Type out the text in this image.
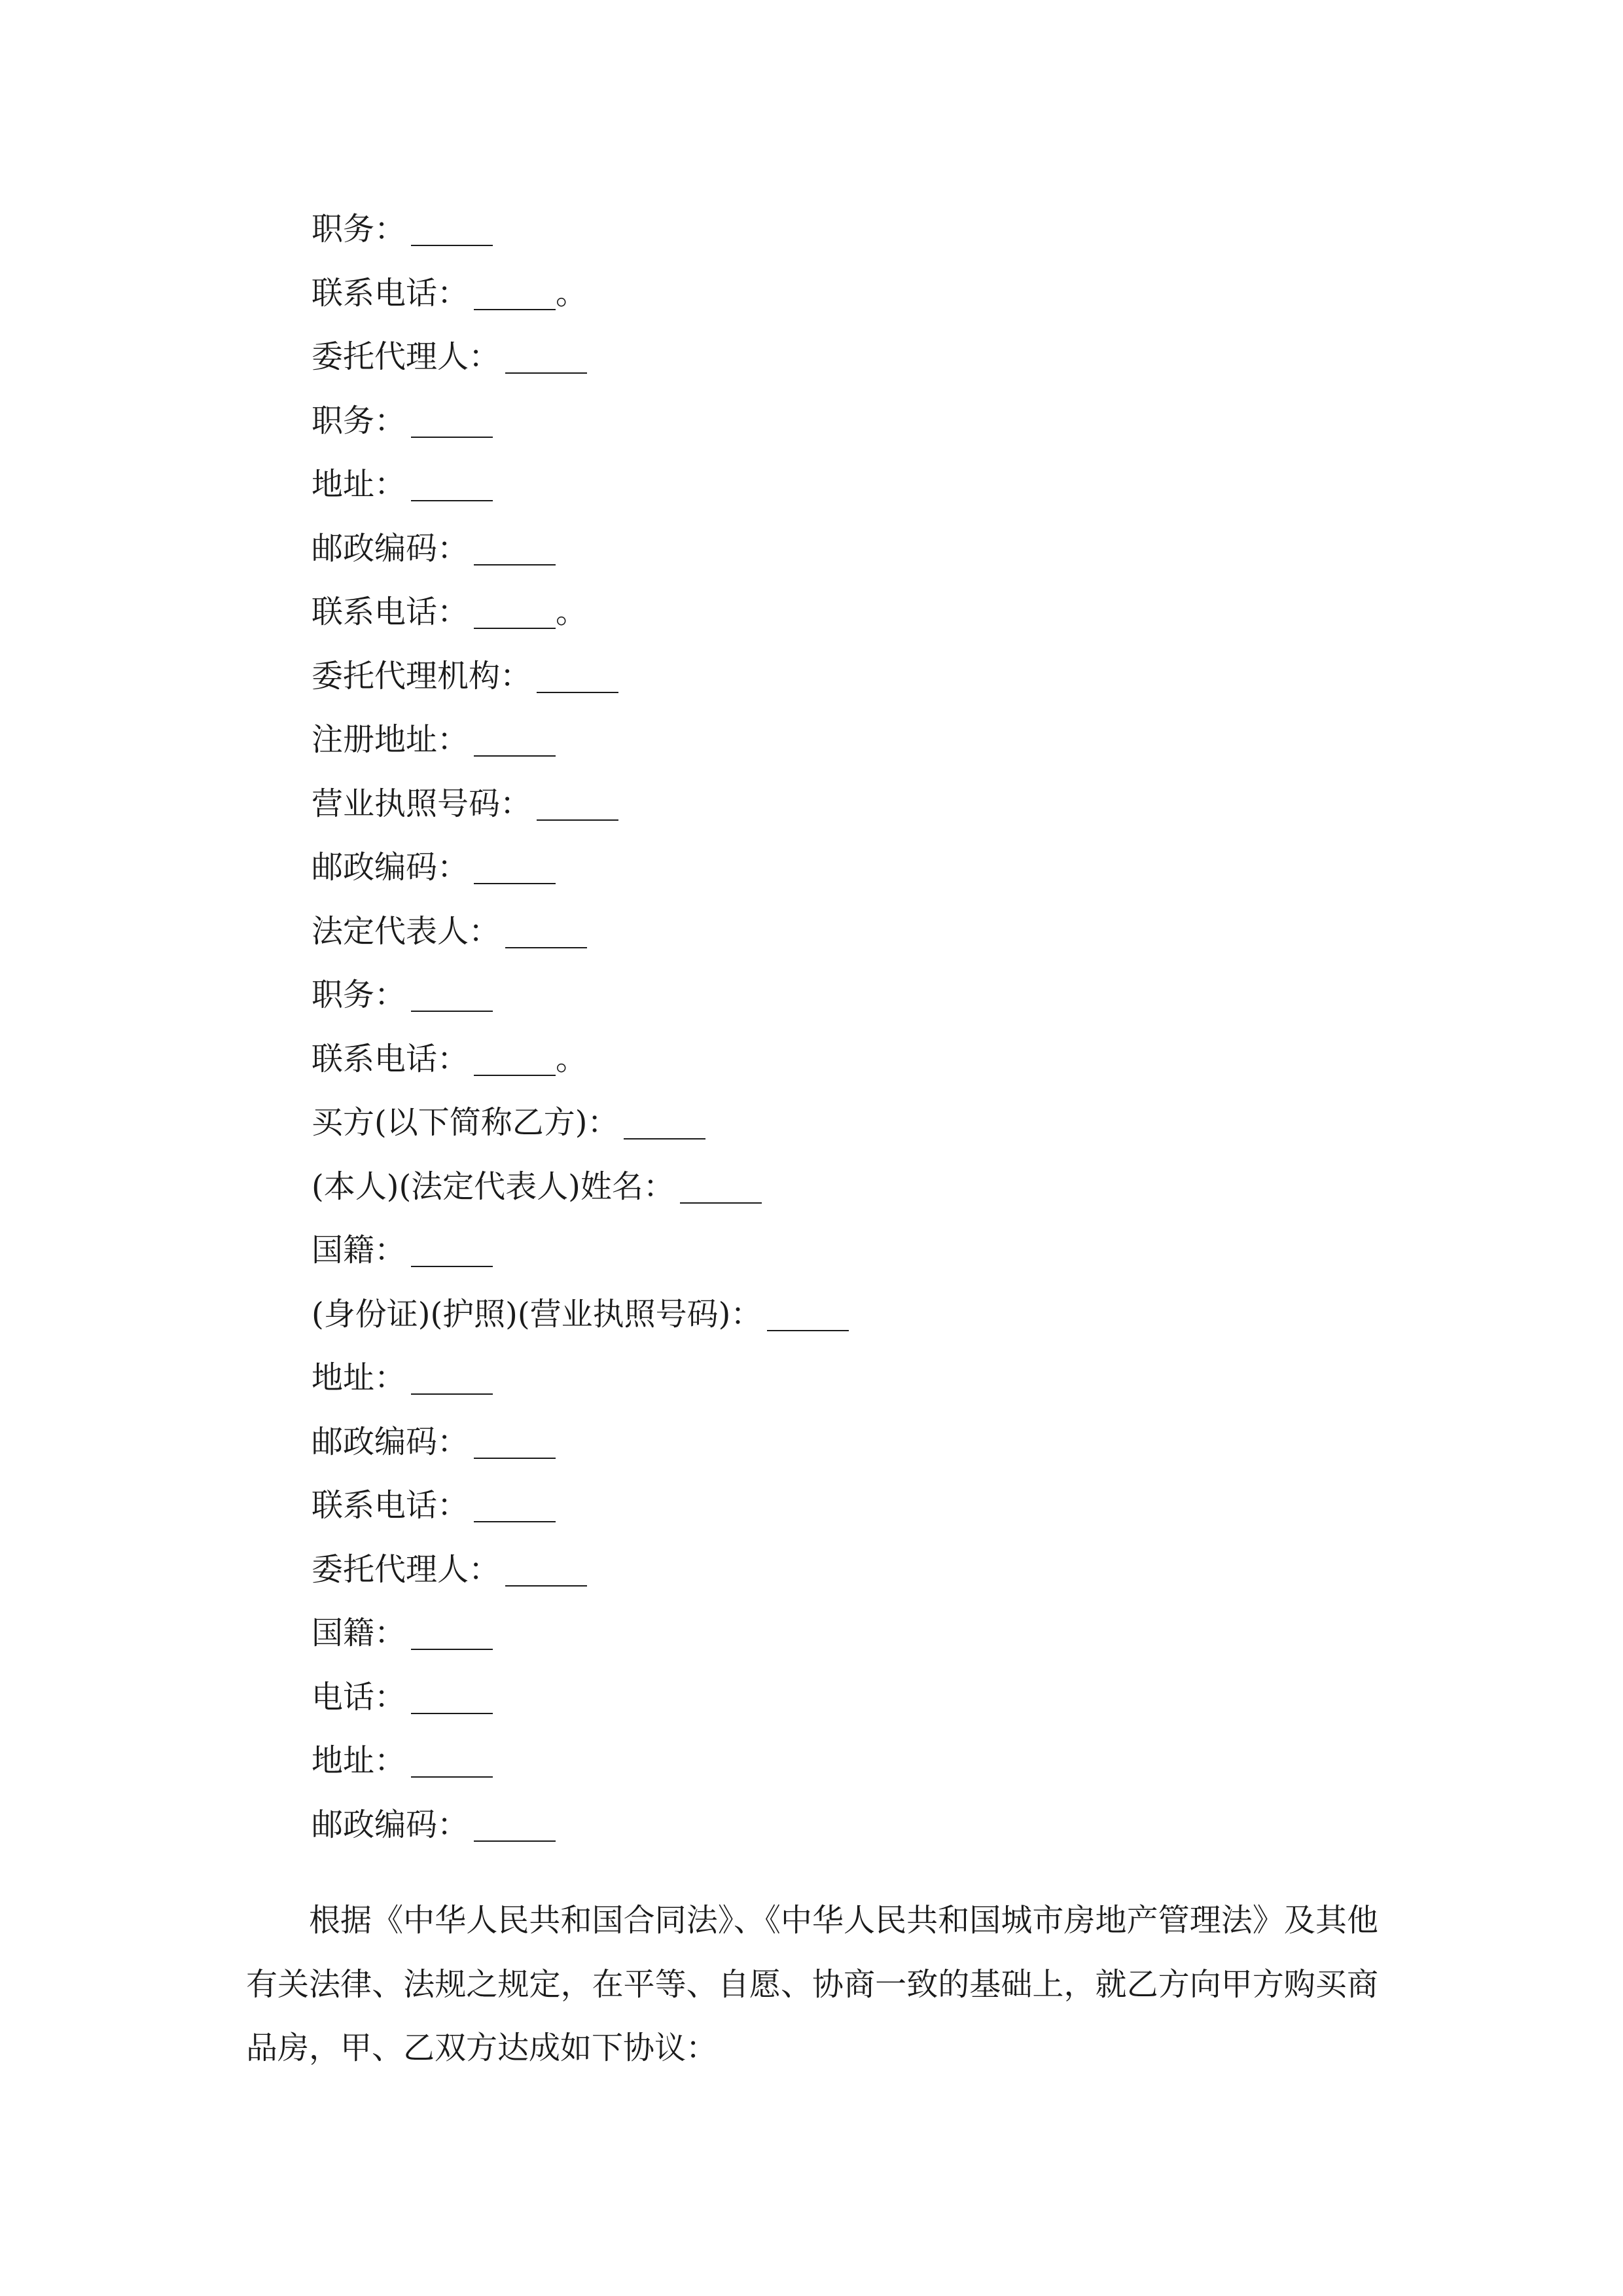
职务：
联系电话：	。
委托代理人：
职务：
地址：
邮政编码：
联系电话：	。
委托代理机构：
注册地址：
营业执照号码：
邮政编码：
法定代表人：
职务：
联系电话：	。
买方(以下简称乙方)：
(本人)(法定代表人)姓名：
国籍：
(身份证)(护照)(营业执照号码)：
地址：
邮政编码：
联系电话：
委托代理人：
国籍：
电话：
地址：
邮政编码：

根据《中华人民共和国合同法》、《中华人民共和国城市房地产管理法》及其他有关法律、法规之规定，在平等、自愿、协商一致的基础上，就乙方向甲方购买商品房，甲、乙双方达成如下协议：
